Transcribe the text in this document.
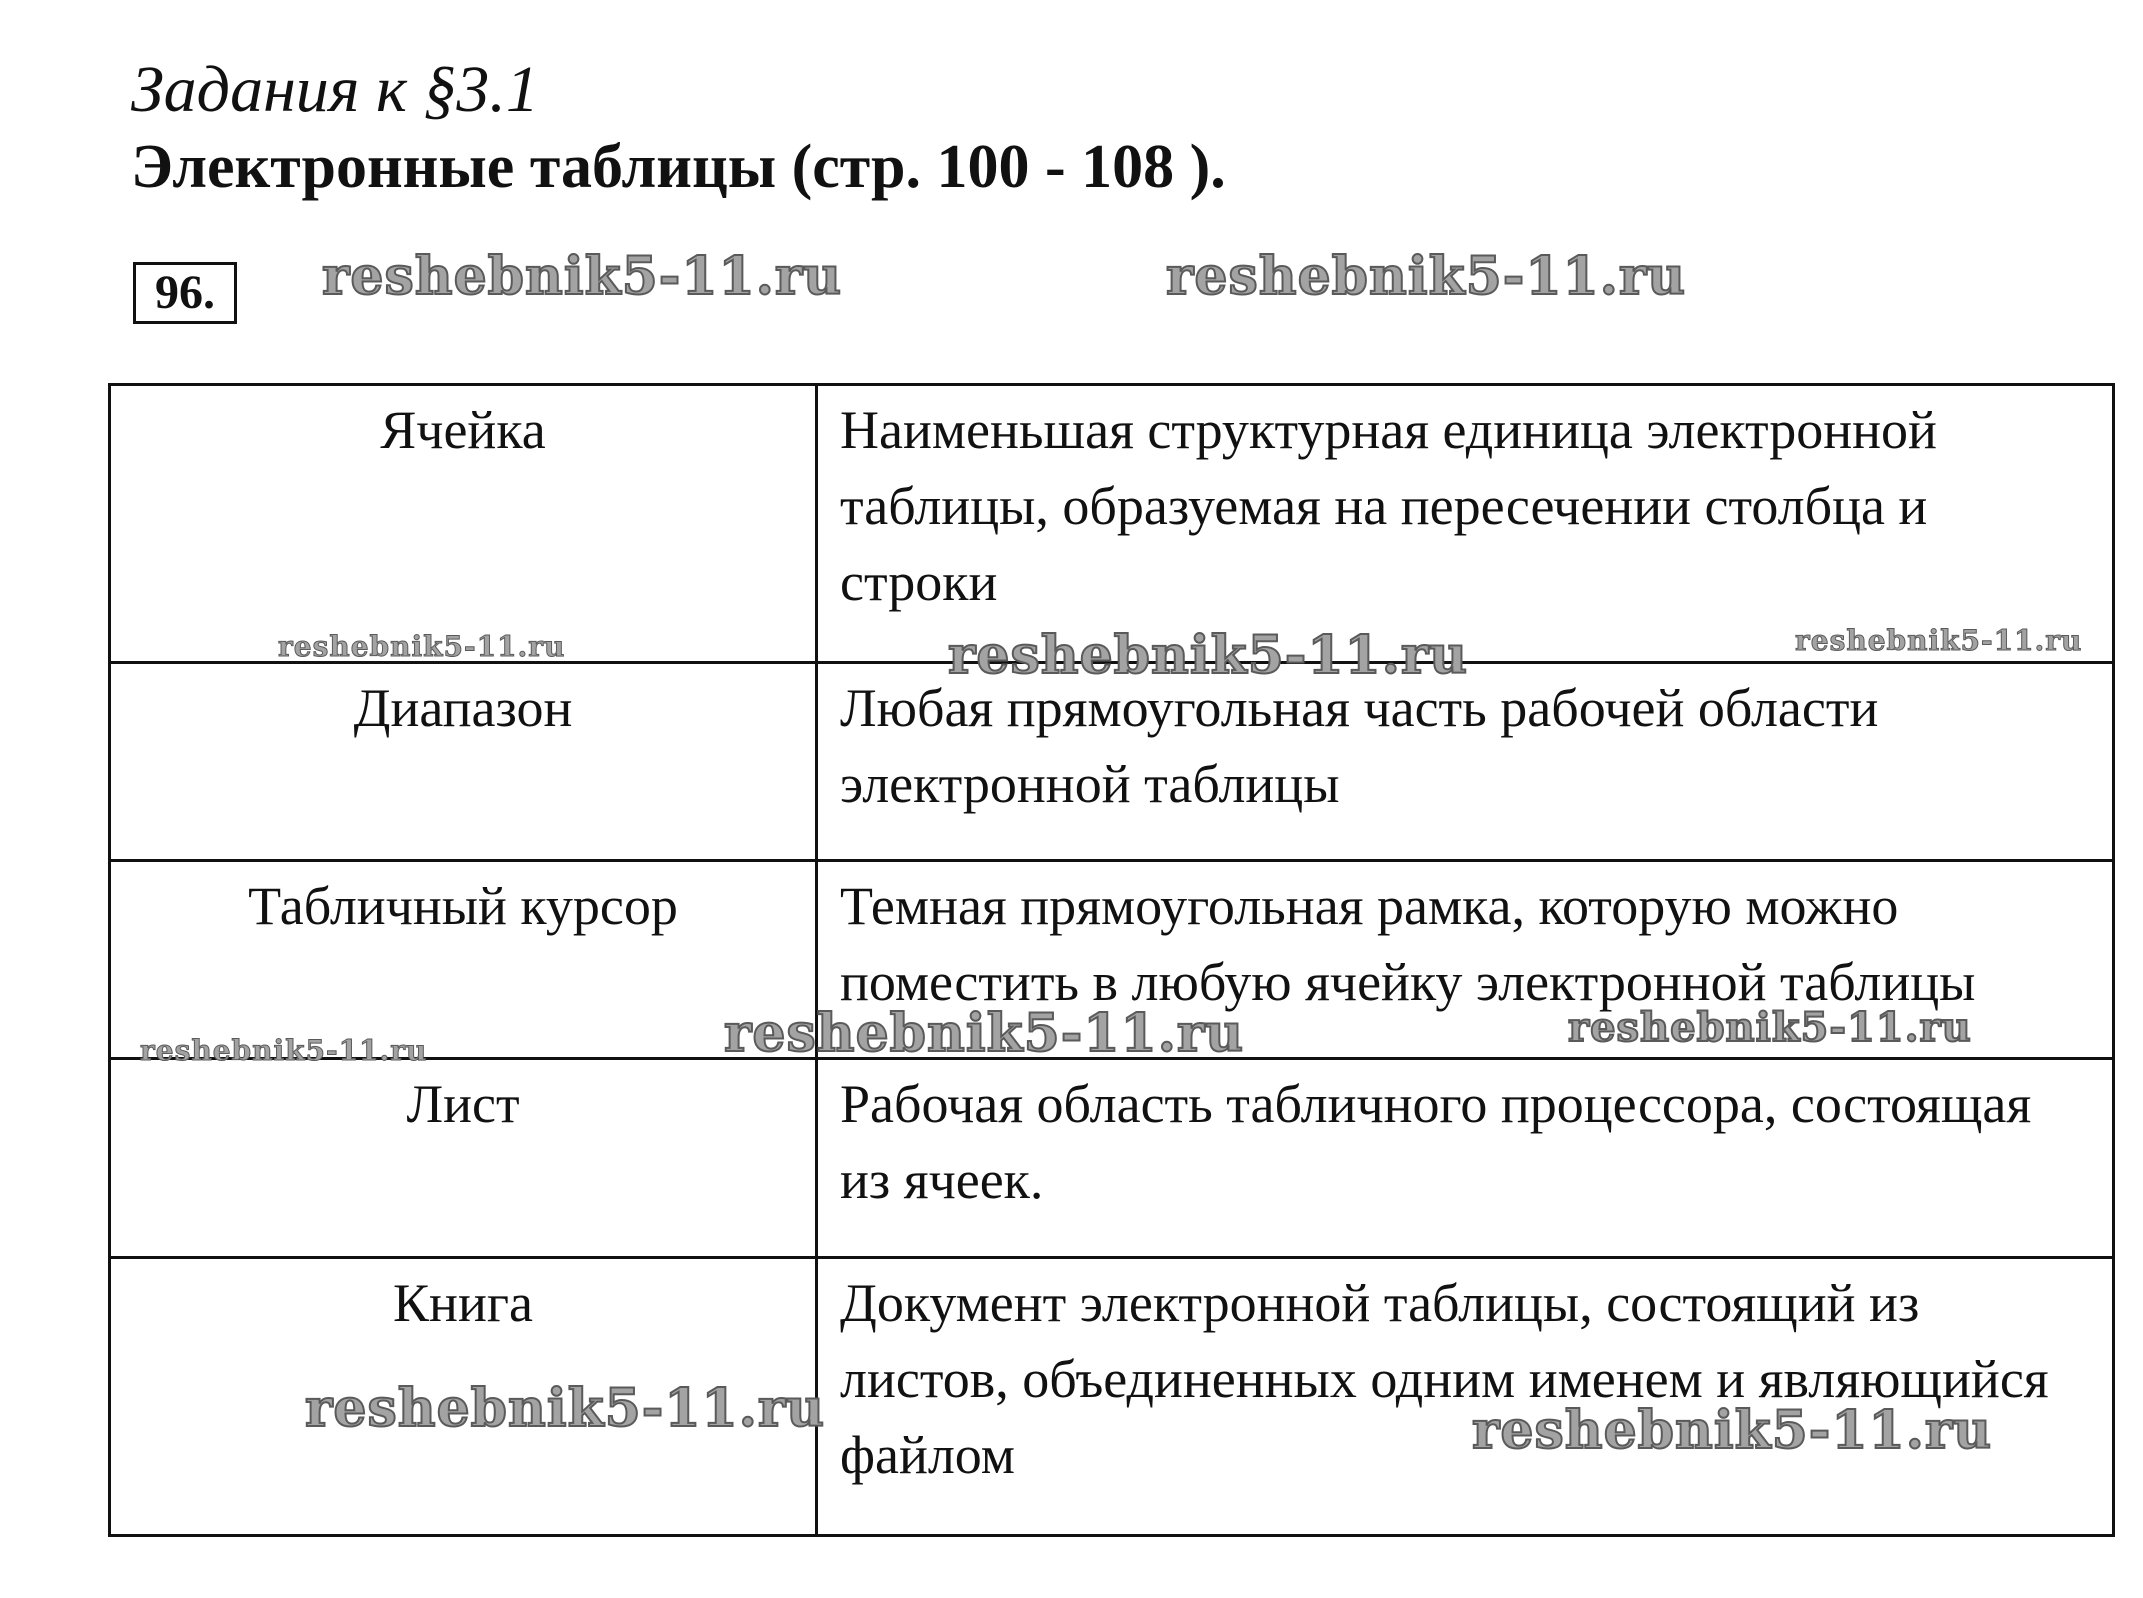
Задания к §3.1
Электронные таблицы (стр. 100 - 108 ).
96.
Ячейка	Наименьшая структурная единица электронной таблицы, образуемая на пересечении столбца и строки
Диапазон	Любая прямоугольная часть рабочей области электронной таблицы
Табличный курсор	Темная прямоугольная рамка, которую можно поместить в любую ячейку электронной таблицы
Лист	Рабочая область табличного процессора, состоящая из ячеек.
Книга	Документ электронной таблицы, состоящий из листов, объединенных одним именем и являющийся файлом
reshebnik5-11.ru	reshebnik5-11.ru
reshebnik5-11.ru	reshebnik5-11.ru	reshebnik5-11.ru
reshebnik5-11.ru	reshebnik5-11.ru	reshebnik5-11.ru
reshebnik5-11.ru	reshebnik5-11.ru
